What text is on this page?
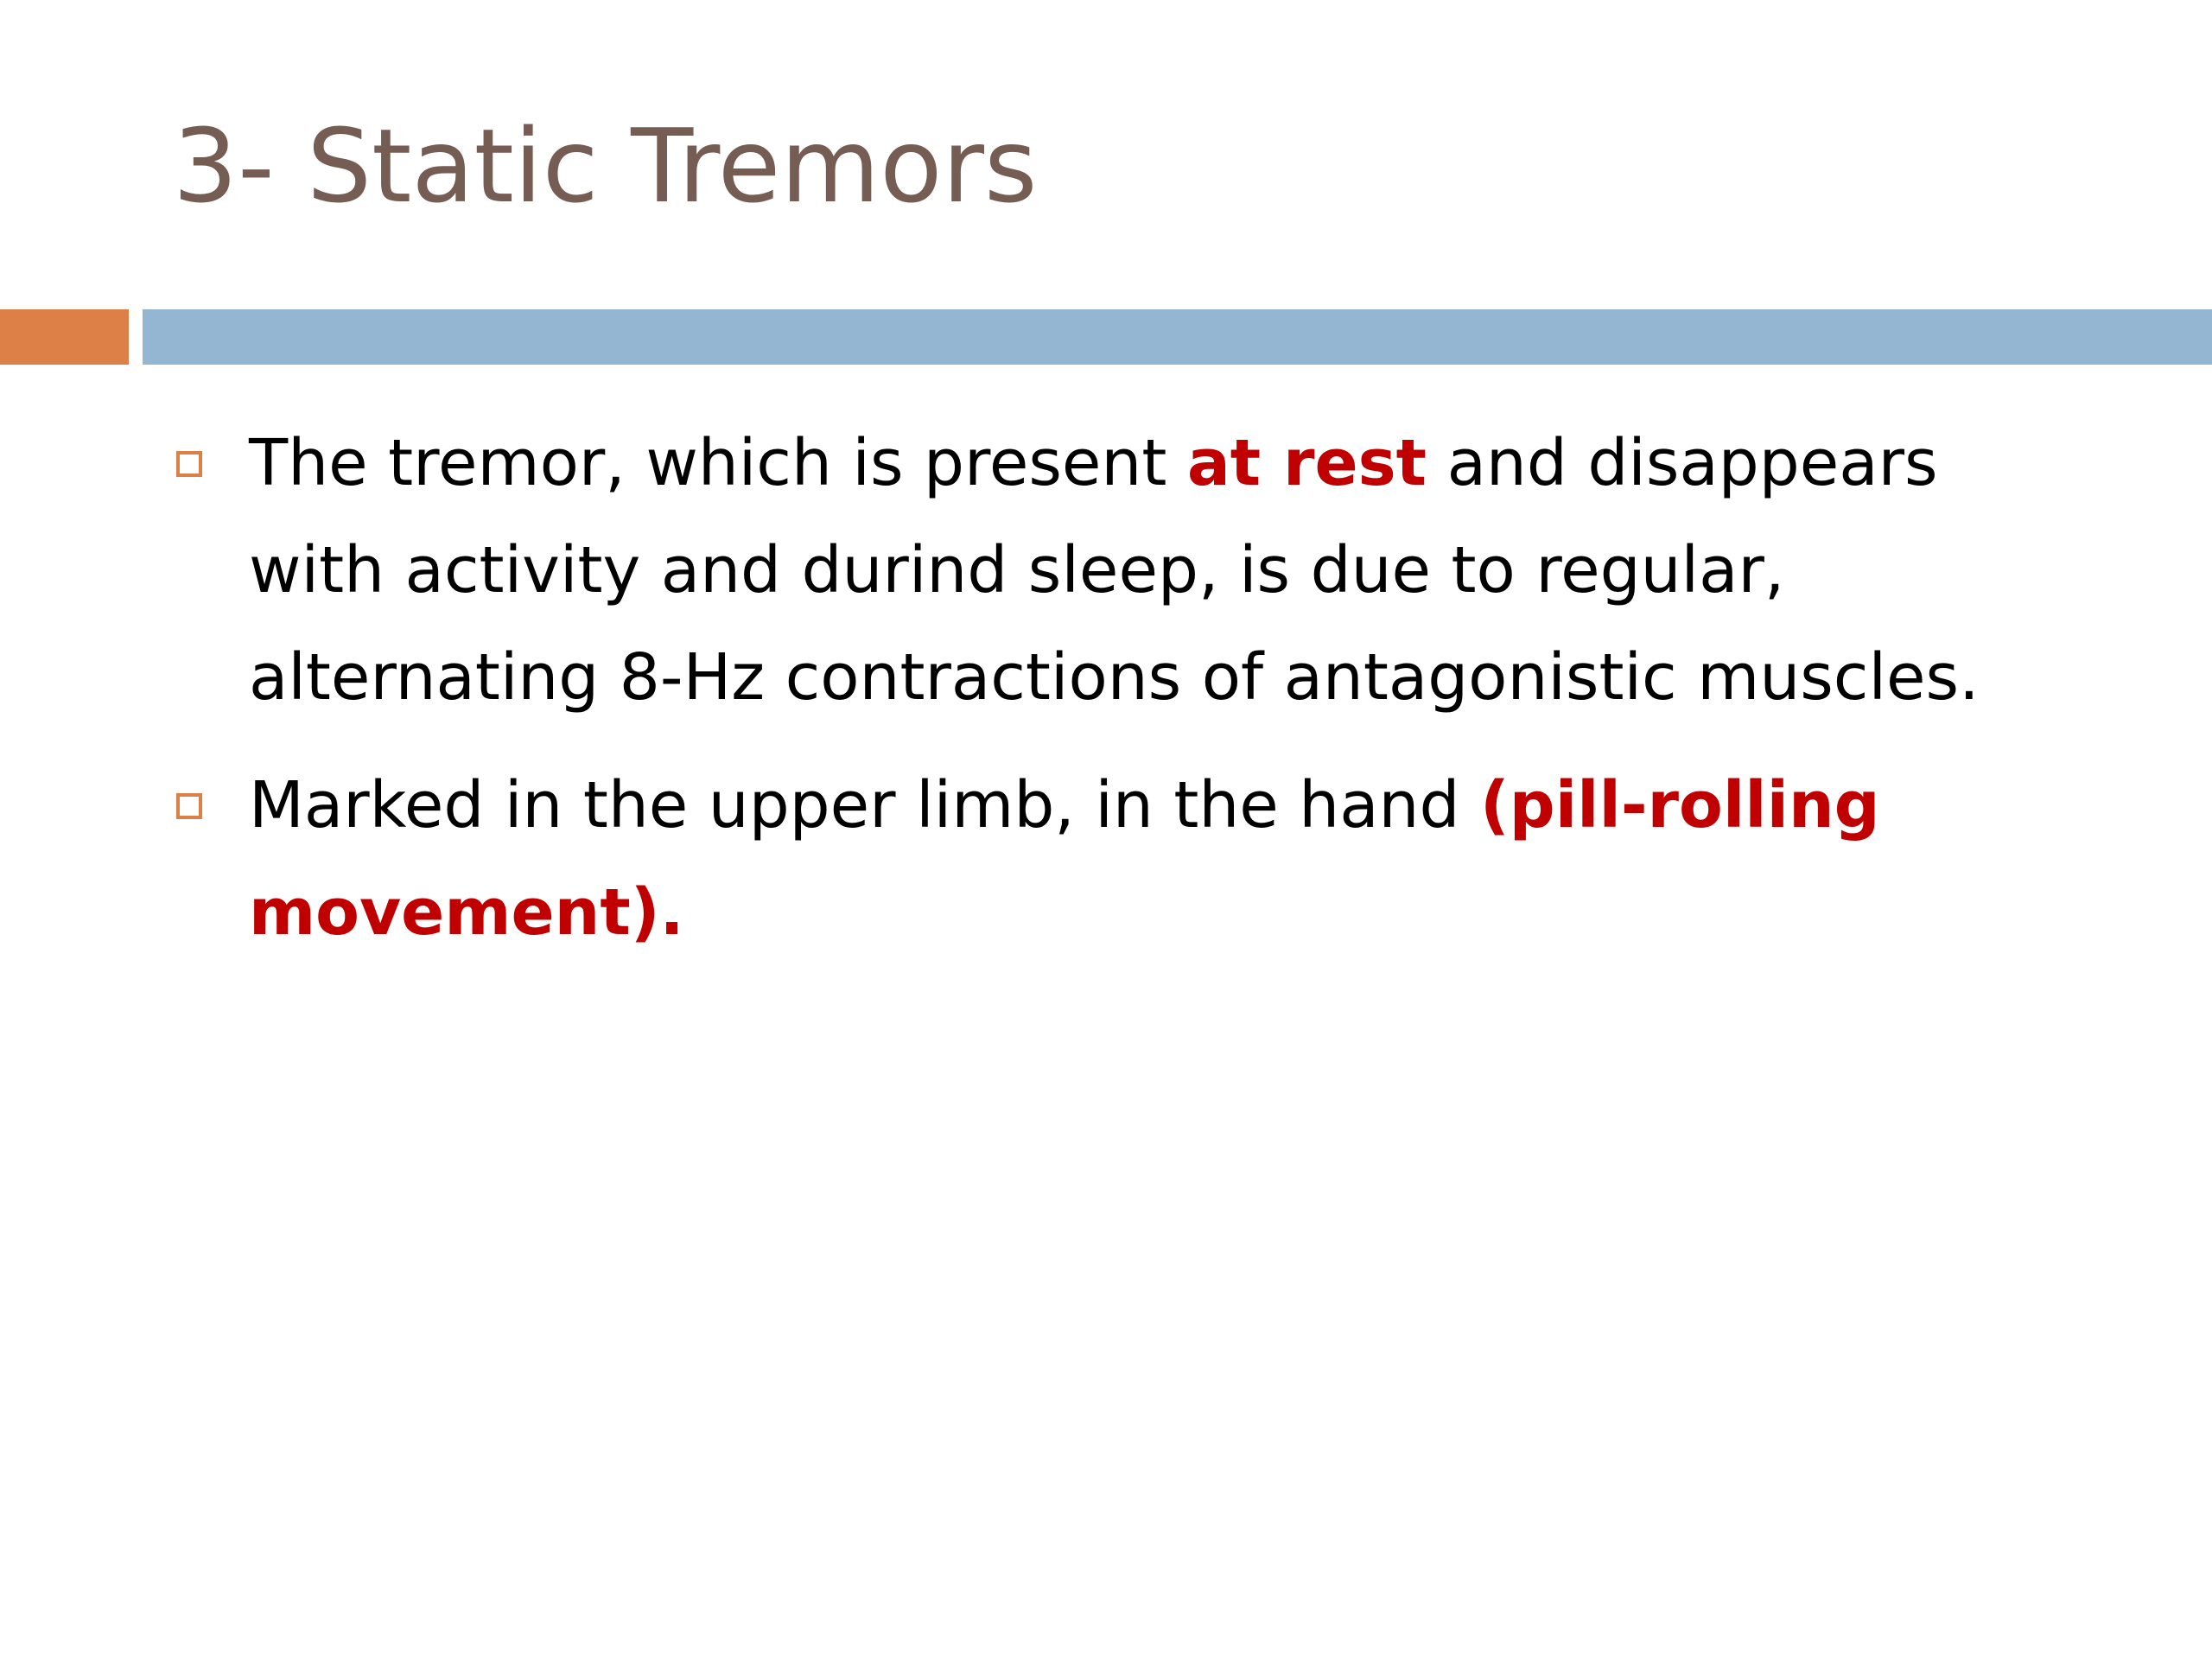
3- Static Tremors
The tremor, which is present at rest and disappears with activity and durind sleep, is due to regular, alternating 8-Hz contractions of antagonistic muscles.
Marked in the upper limb, in the hand (pill-rolling movement).
